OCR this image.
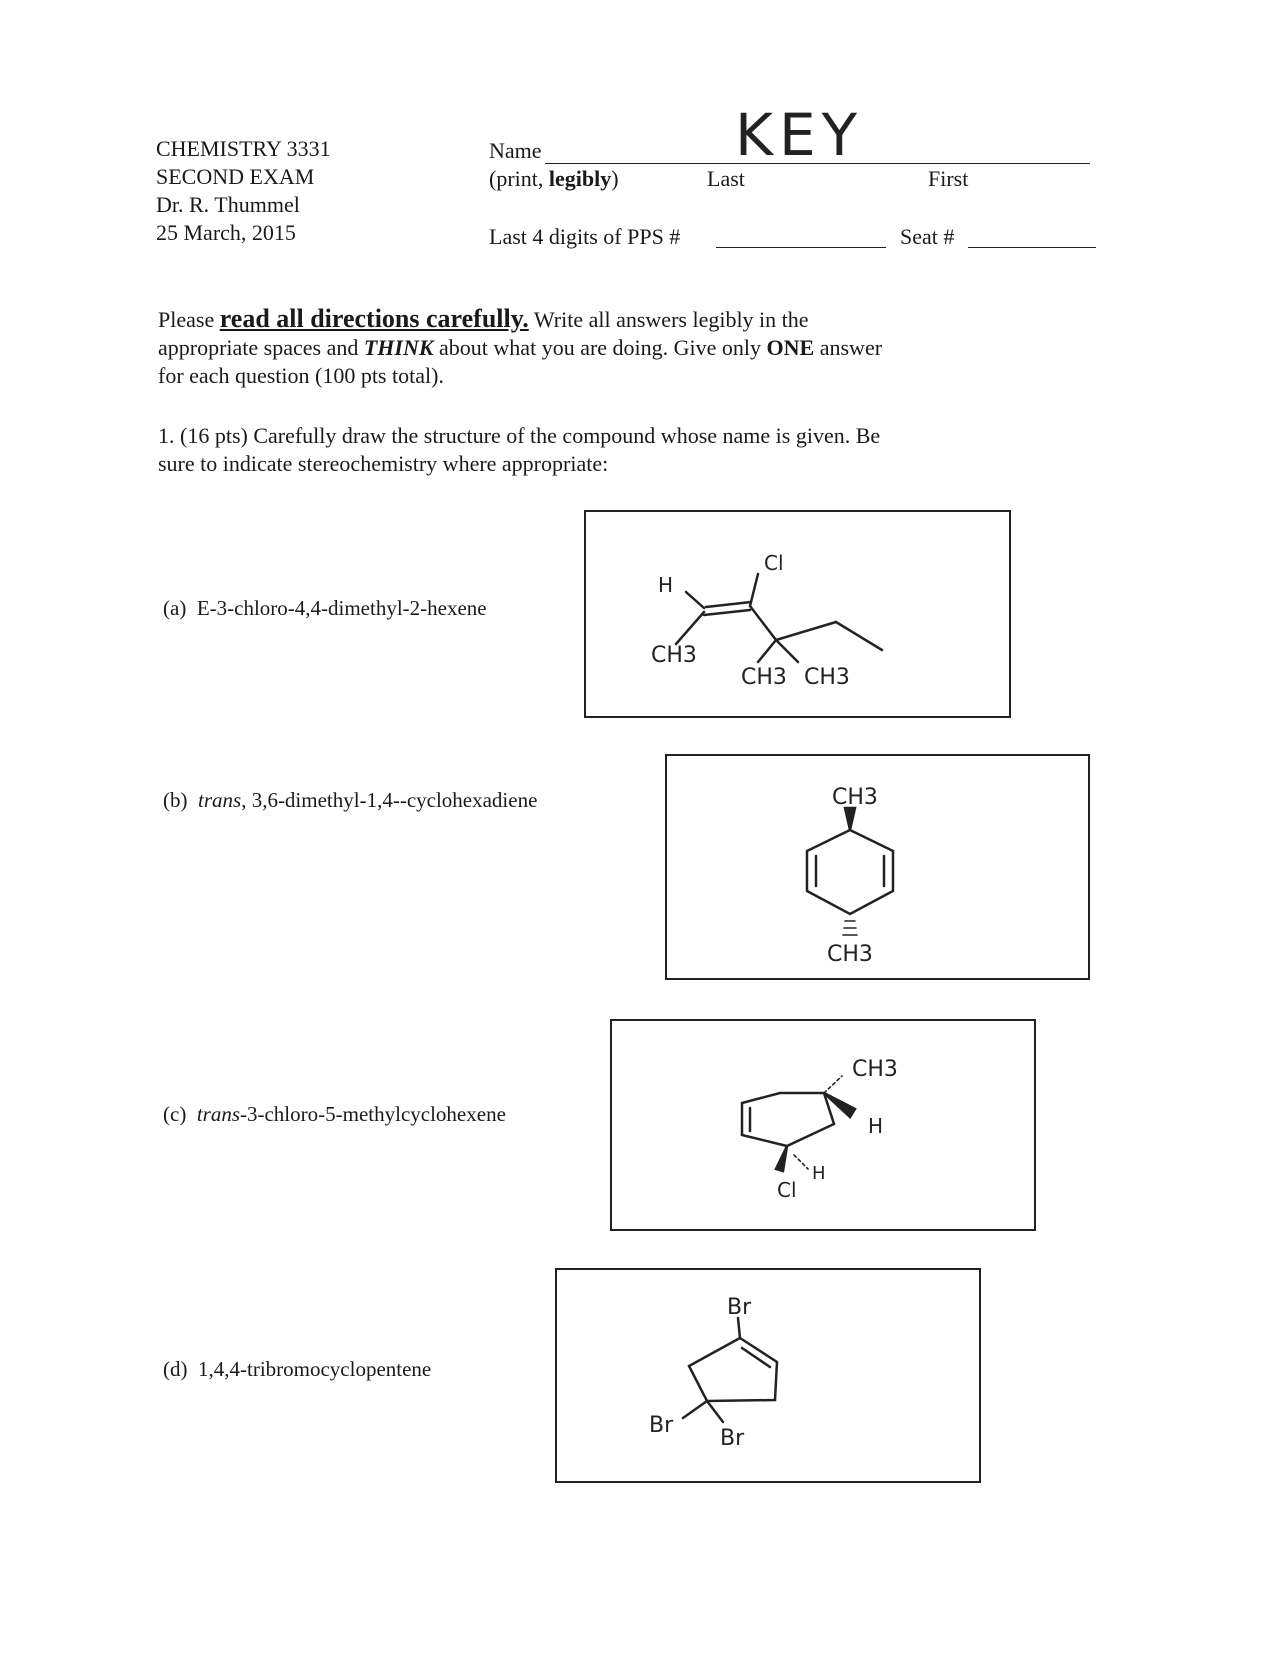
CHEMISTRY 3331
SECOND EXAM
Dr. R. Thummel
25 March, 2015
Name	KEY
(print, legibly)	Last	First
Last 4 digits of PPS #	Seat #
Please read all directions carefully. Write all answers legibly in the
appropriate spaces and THINK about what you are doing. Give only ONE answer
for each question (100 pts total).
1. (16 pts) Carefully draw the structure of the compound whose name is given. Be
sure to indicate stereochemistry where appropriate:
(a) E-3-chloro-4,4-dimethyl-2-hexene
H
Cl
CH3
CH3 CH3
(b) trans, 3,6-dimethyl-1,4--cyclohexadiene	CH3
CH3
(c) trans-3-chloro-5-methylcyclohexene
CH3
H
H
Cl
(d) 1,4,4-tribromocyclopentene
Br
Br
Br
